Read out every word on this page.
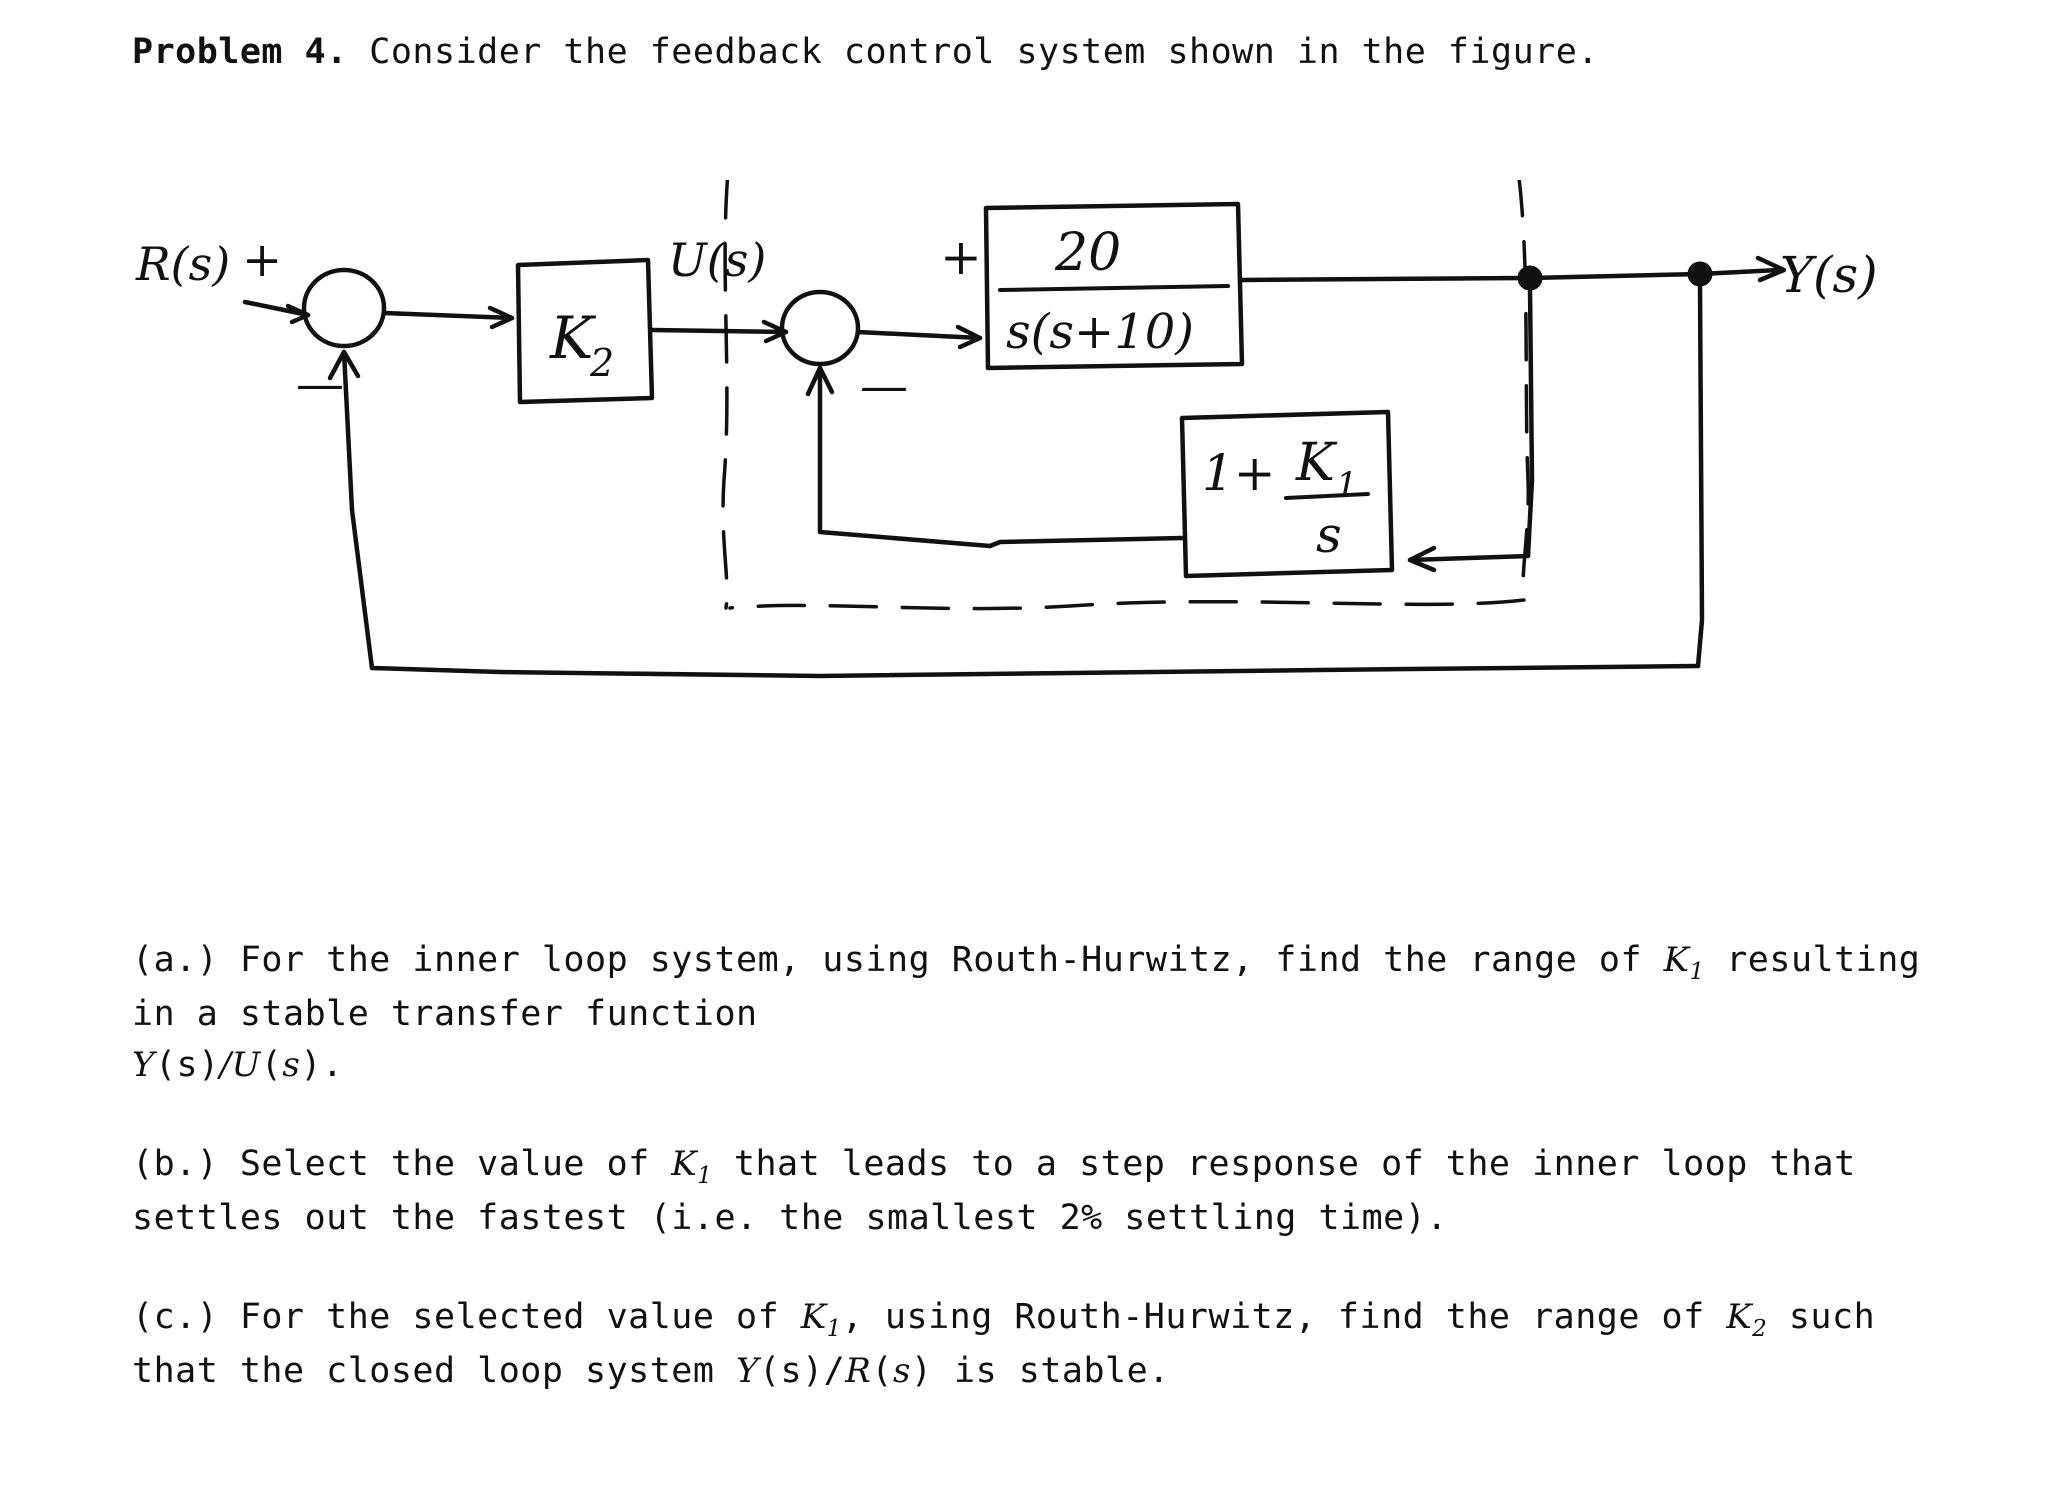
Problem 4. Consider the feedback control system shown in the figure.
R(s) +
—
K
2
U(s)	+
—
20
s(s+10)
1+ K 1
s
Y(s)
(a.) For the inner loop system, using Routh-Hurwitz, find the range of $K_1$ resulting in a stable transfer function
Y(s)/U(s).
(b.) Select the value of $K_1$ that leads to a step response of the inner loop that settles out the fastest (i.e. the smallest 2% settling time).
(c.) For the selected value of $K_1$, using Routh-Hurwitz, find the range of $K_2$ such that the closed loop system Y(s)/R(s) is stable.
